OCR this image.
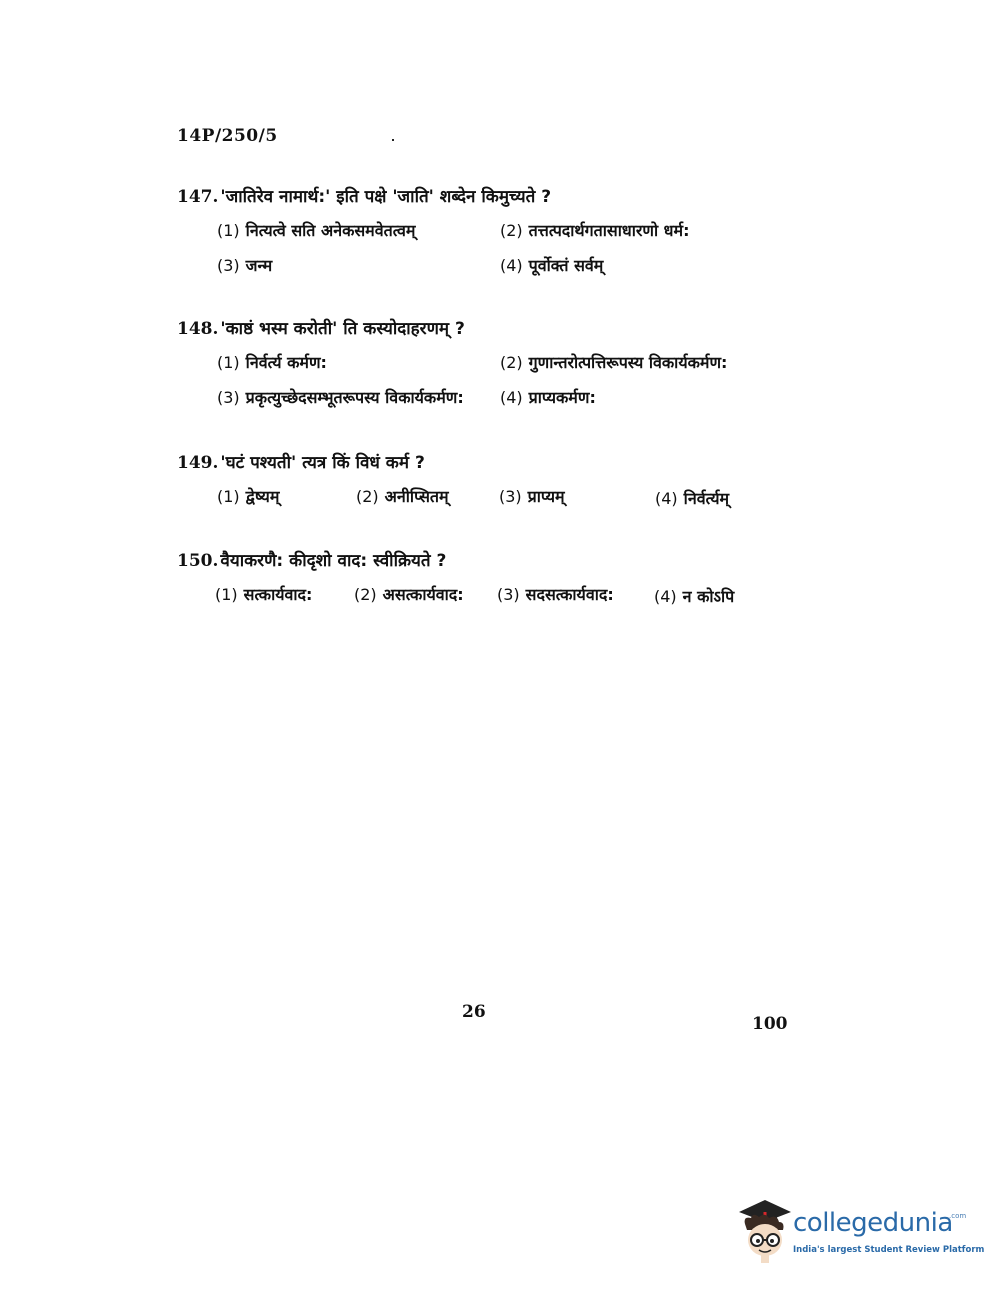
14P/250/5
147. 'जातिरेव नामार्थ:' इति पक्षे 'जाति' शब्देन किमुच्यते ?
(1) नित्यत्वे सति अनेकसमवेतत्वम्	(2) तत्तत्पदार्थगतासाधारणो धर्म:
(3) जन्म	(4) पूर्वोक्तं सर्वम्
148. 'काष्ठं भस्म करोती' ति कस्योदाहरणम् ?
(1) निर्वर्त्य कर्मण:	(2) गुणान्तरोत्पत्तिरूपस्य विकार्यकर्मण:
(3) प्रकृत्युच्छेदसम्भूतरूपस्य विकार्यकर्मण: (4) प्राप्यकर्मण:
149. 'घटं पश्यती' त्यत्र किं विधं कर्म ?
(1) द्वेष्यम्	(2) अनीप्सितम्	(3) प्राप्यम्	(4) निर्वर्त्यम्
150. वैयाकरणै: कीदृशो वाद: स्वीक्रियते ?
(1) सत्कार्यवाद:	(2) असत्कार्यवाद: (3) सदसत्कार्यवाद:	(4) न कोऽपि
26
100
collegedunia
.com
India's largest Student Review Platform
